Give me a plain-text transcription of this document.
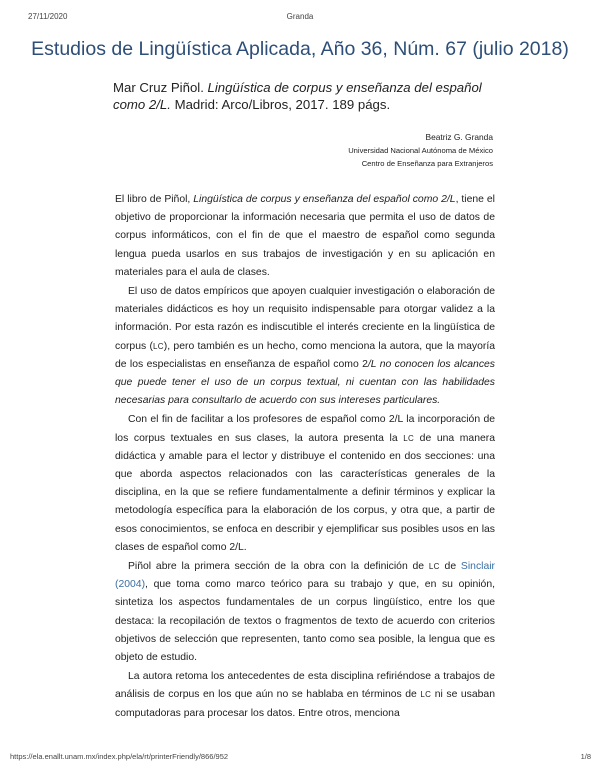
27/11/2020	Granda
Estudios de Lingüística Aplicada, Año 36, Núm. 67 (julio 2018)
Mar Cruz Piñol. Lingüística de corpus y enseñanza del español como 2/L. Madrid: Arco/Libros, 2017. 189 págs.
Beatriz G. Granda
Universidad Nacional Autónoma de México
Centro de Enseñanza para Extranjeros

El libro de Piñol, Lingüística de corpus y enseñanza del español como 2/L, tiene el objetivo de proporcionar la información necesaria que permita el uso de datos de corpus informáticos, con el fin de que el maestro de español como segunda lengua pueda usarlos en sus trabajos de investigación y en su aplicación en materiales para el aula de clases.

El uso de datos empíricos que apoyen cualquier investigación o elaboración de materiales didácticos es hoy un requisito indispensable para otorgar validez a la información. Por esta razón es indiscutible el interés creciente en la lingüística de corpus (LC), pero también es un hecho, como menciona la autora, que la mayoría de los especialistas en enseñanza de español como 2/L no conocen los alcances que puede tener el uso de un corpus textual, ni cuentan con las habilidades necesarias para consultarlo de acuerdo con sus intereses particulares.

Con el fin de facilitar a los profesores de español como 2/L la incorporación de los corpus textuales en sus clases, la autora presenta la LC de una manera didáctica y amable para el lector y distribuye el contenido en dos secciones: una que aborda aspectos relacionados con las características generales de la disciplina, en la que se refiere fundamentalmente a definir términos y explicar la metodología específica para la elaboración de los corpus, y otra que, a partir de esos conocimientos, se enfoca en describir y ejemplificar sus posibles usos en las clases de español como 2/L.

Piñol abre la primera sección de la obra con la definición de LC de Sinclair (2004), que toma como marco teórico para su trabajo y que, en su opinión, sintetiza los aspectos fundamentales de un corpus lingüístico, entre los que destaca: la recopilación de textos o fragmentos de texto de acuerdo con criterios objetivos de selección que representen, tanto como sea posible, la lengua que es objeto de estudio.

La autora retoma los antecedentes de esta disciplina refiriéndose a trabajos de análisis de corpus en los que aún no se hablaba en términos de LC ni se usaban computadoras para procesar los datos. Entre otros, menciona

https://ela.enallt.unam.mx/index.php/ela/rt/printerFriendly/866/952	1/8
